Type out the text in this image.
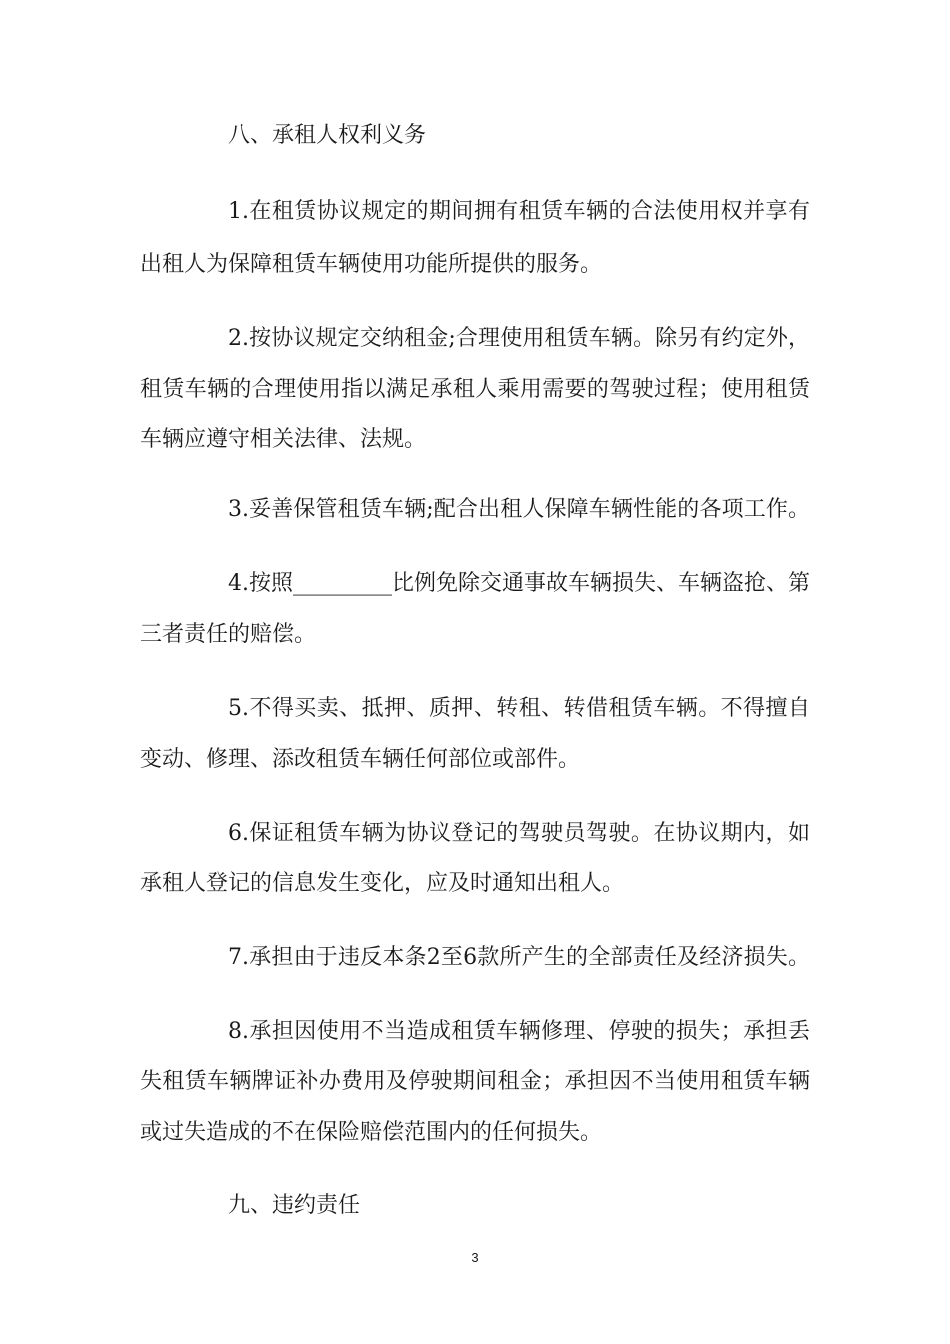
八、承租人权利义务
1.在租赁协议规定的期间拥有租赁车辆的合法使用权并享有
出租人为保障租赁车辆使用功能所提供的服务。
2.按协议规定交纳租金;合理使用租赁车辆。除另有约定外，
租赁车辆的合理使用指以满足承租人乘用需要的驾驶过程；使用租赁
车辆应遵守相关法律、法规。
3.妥善保管租赁车辆;配合出租人保障车辆性能的各项工作。
4.按照_________比例免除交通事故车辆损失、车辆盗抢、第
三者责任的赔偿。
5.不得买卖、抵押、质押、转租、转借租赁车辆。不得擅自
变动、修理、添改租赁车辆任何部位或部件。
6.保证租赁车辆为协议登记的驾驶员驾驶。在协议期内，如
承租人登记的信息发生变化，应及时通知出租人。
7.承担由于违反本条2至6款所产生的全部责任及经济损失。
8.承担因使用不当造成租赁车辆修理、停驶的损失；承担丢
失租赁车辆牌证补办费用及停驶期间租金；承担因不当使用租赁车辆
或过失造成的不在保险赔偿范围内的任何损失。
九、违约责任
3
